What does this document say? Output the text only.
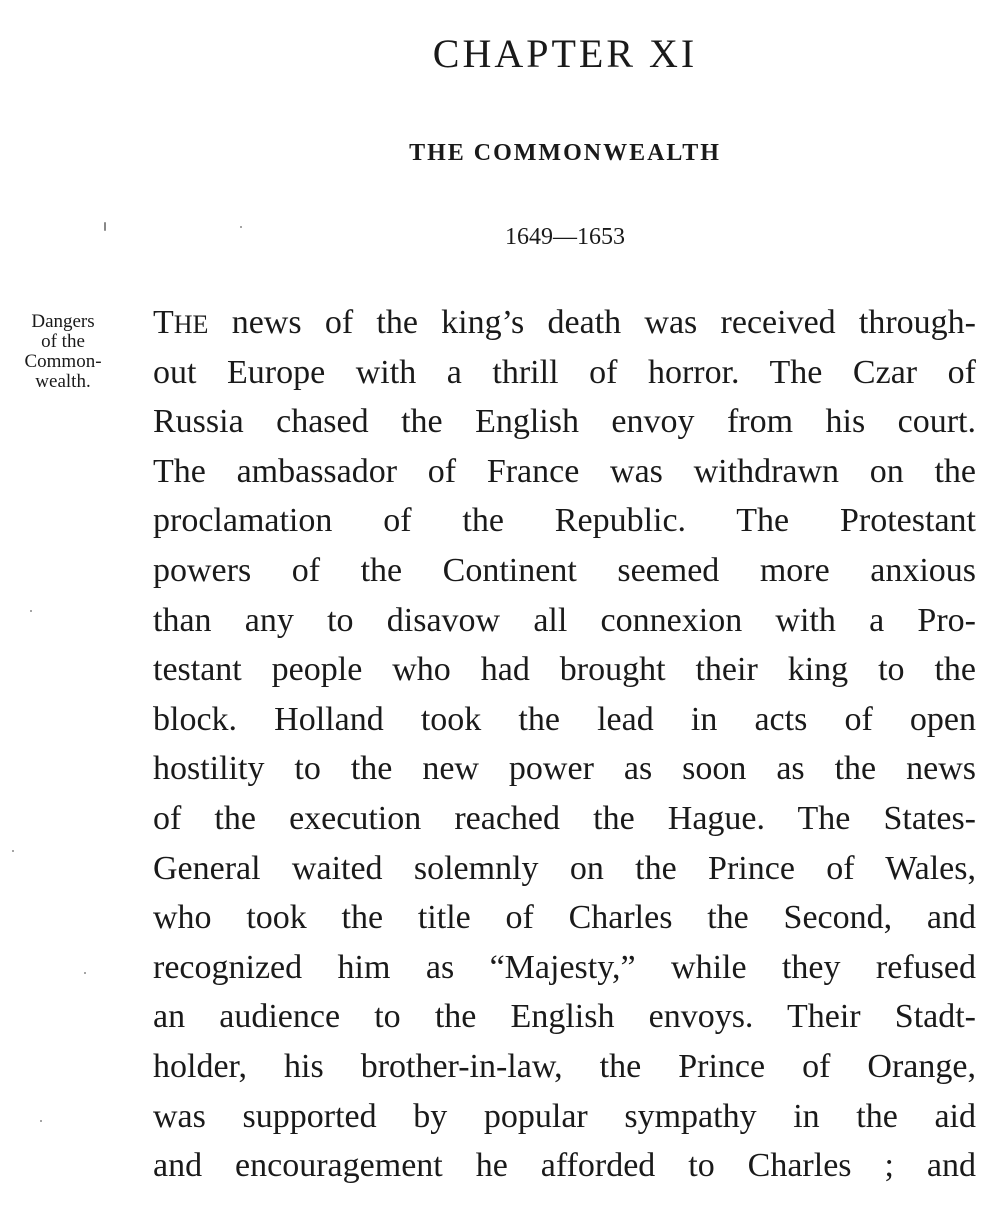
CHAPTER XI
THE COMMONWEALTH
1649—1653
Dangers
of the
Common-
wealth.
THE news of the king’s death was received through-
out Europe with a thrill of horror. The Czar of
Russia chased the English envoy from his court.
The ambassador of France was withdrawn on the
proclamation of the Republic. The Protestant
powers of the Continent seemed more anxious
than any to disavow all connexion with a Pro-
testant people who had brought their king to the
block. Holland took the lead in acts of open
hostility to the new power as soon as the news
of the execution reached the Hague. The States-
General waited solemnly on the Prince of Wales,
who took the title of Charles the Second, and
recognized him as “Majesty,” while they refused
an audience to the English envoys. Their Stadt-
holder, his brother-in-law, the Prince of Orange,
was supported by popular sympathy in the aid
and encouragement he afforded to Charles ; and
